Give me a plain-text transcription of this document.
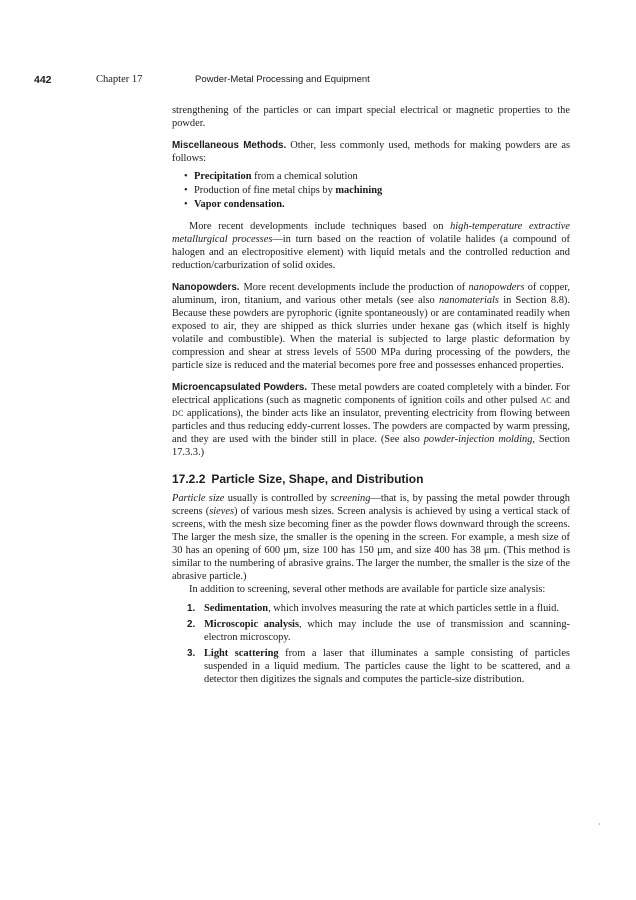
442	Chapter 17	Powder-Metal Processing and Equipment

strengthening of the particles or can impart special electrical or magnetic properties to the powder.

Miscellaneous Methods. Other, less commonly used, methods for making powders are as follows:

• Precipitation from a chemical solution
• Production of fine metal chips by machining
• Vapor condensation.

More recent developments include techniques based on high-temperature extractive metallurgical processes—in turn based on the reaction of volatile halides (a compound of halogen and an electropositive element) with liquid metals and the controlled reduction and reduction/carburization of solid oxides.

Nanopowders. More recent developments include the production of nanopowders of copper, aluminum, iron, titanium, and various other metals (see also nanomaterials in Section 8.8). Because these powders are pyrophoric (ignite spontaneously) or are contaminated readily when exposed to air, they are shipped as thick slurries under hexane gas (which itself is highly volatile and combustible). When the material is subjected to large plastic deformation by compression and shear at stress levels of 5500 MPa during processing of the powders, the particle size is reduced and the material becomes pore free and possesses enhanced properties.

Microencapsulated Powders. These metal powders are coated completely with a binder. For electrical applications (such as magnetic components of ignition coils and other pulsed AC and DC applications), the binder acts like an insulator, preventing electricity from flowing between particles and thus reducing eddy-current losses. The powders are compacted by warm pressing, and they are used with the binder still in place. (See also powder-injection molding, Section 17.3.3.)

17.2.2 Particle Size, Shape, and Distribution

Particle size usually is controlled by screening—that is, by passing the metal powder through screens (sieves) of various mesh sizes. Screen analysis is achieved by using a vertical stack of screens, with the mesh size becoming finer as the powder flows downward through the screens. The larger the mesh size, the smaller is the opening in the screen. For example, a mesh size of 30 has an opening of 600 μm, size 100 has 150 μm, and size 400 has 38 μm. (This method is similar to the numbering of abrasive grains. The larger the number, the smaller is the size of the abrasive particle.)

In addition to screening, several other methods are available for particle size analysis:

1. Sedimentation, which involves measuring the rate at which particles settle in a fluid.
2. Microscopic analysis, which may include the use of transmission and scanning-electron microscopy.
3. Light scattering from a laser that illuminates a sample consisting of particles suspended in a liquid medium. The particles cause the light to be scattered, and a detector then digitizes the signals and computes the particle-size distribution.
·
